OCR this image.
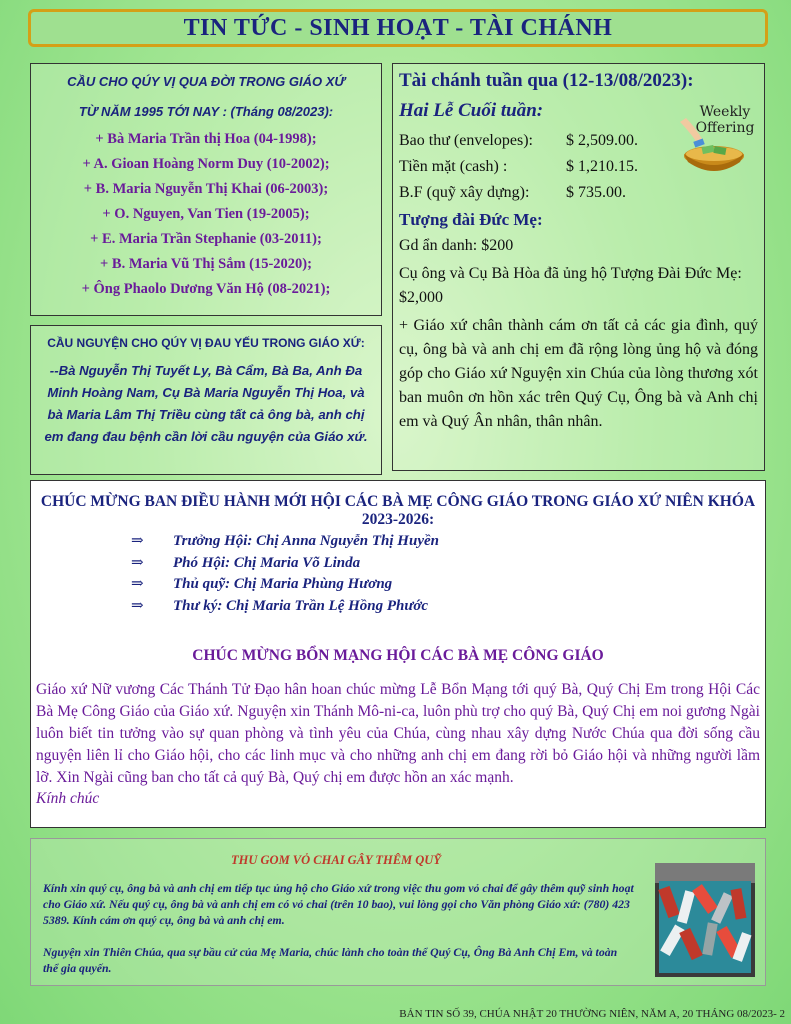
TIN TỨC - SINH HOẠT - TÀI CHÁNH
CẦU CHO QÚY VỊ QUA ĐỜI TRONG GIÁO XỨ
TỪ NĂM 1995 TỚI NAY : (Tháng 08/2023):
+ Bà Maria Trần thị Hoa (04-1998);
+ A. Gioan Hoàng Norm Duy (10-2002);
+ B. Maria Nguyễn Thị Khai (06-2003);
+ O. Nguyen, Van Tien (19-2005);
+ E. Maria Trần Stephanie (03-2011);
+ B. Maria Vũ Thị Sắm (15-2020);
+ Ông Phaolo Dương Văn Hộ (08-2021);
CẦU NGUYỆN CHO QÚY VỊ ĐAU YẾU TRONG GIÁO XỨ:

--Bà Nguyễn Thị Tuyết Ly, Bà Cẩm, Bà Ba, Anh Đa Minh Hoàng Nam, Cụ Bà Maria Nguyễn Thị Hoa, và bà Maria Lâm Thị Triều cùng tất cả ông bà, anh chị em đang đau bệnh cần lời cầu nguyện của Giáo xứ.

Tài chánh tuần qua (12-13/08/2023):
Hai Lễ Cuối tuần:	Weekly
Offering
Bao thư (envelopes): $ 2,509.00.
Tiền mặt (cash) :	$ 1,210.15.
B.F (quỹ xây dựng): $ 735.00.
Tượng đài Đức Mẹ:
Gd ẩn danh: $200
Cụ ông và Cụ Bà Hòa đã ủng hộ Tượng Đài Đức Mẹ: $2,000
+ Giáo xứ chân thành cám ơn tất cả các gia đình, quý cụ, ông bà và anh chị em đã rộng lòng ủng hộ và đóng góp cho Giáo xứ Nguyện xin Chúa của lòng thương xót ban muôn ơn hồn xác trên Quý Cụ, Ông bà và Anh chị em và Quý Ân nhân, thân nhân.
CHÚC MỪNG BAN ĐIỀU HÀNH MỚI HỘI CÁC BÀ MẸ CÔNG GIÁO TRONG GIÁO XỨ NIÊN KHÓA 2023-2026:
⇒ Trưởng Hội: Chị Anna Nguyễn Thị Huyền
⇒ Phó Hội: Chị Maria Võ Linda
⇒ Thủ quỹ: Chị Maria Phùng Hương
⇒ Thư ký: Chị Maria Trần Lệ Hồng Phước
CHÚC MỪNG BỔN MẠNG HỘI CÁC BÀ MẸ CÔNG GIÁO
Giáo xứ Nữ vương Các Thánh Tử Đạo hân hoan chúc mừng Lễ Bổn Mạng tới quý Bà, Quý Chị Em trong Hội Các Bà Mẹ Công Giáo của Giáo xứ. Nguyện xin Thánh Mô-ni-ca, luôn phù trợ cho quý Bà, Quý Chị em noi gương Ngài luôn biết tin tưởng vào sự quan phòng và tình yêu của Chúa, cùng nhau xây dựng Nước Chúa qua đời sống cầu nguyện liên lỉ cho Giáo hội, cho các linh mục và cho những anh chị em đang rời bỏ Giáo hội và những người lầm lỡ. Xin Ngài cũng ban cho tất cả quý Bà, Quý chị em được hồn an xác mạnh.
Kính chúc
THU GOM VỎ CHAI GÂY THÊM QUỸ

Kính xin quý cụ, ông bà và anh chị em tiếp tục ủng hộ cho Giáo xứ trong việc thu gom vỏ chai để gây thêm quỹ sinh hoạt cho Giáo xứ. Nếu quý cụ, ông bà và anh chị em có vỏ chai (trên 10 bao), vui lòng gọi cho Văn phòng Giáo xứ: (780) 423 5389. Kính cám ơn quý cụ, ông bà và anh chị em.

Nguyện xin Thiên Chúa, qua sự bầu cử của Mẹ Maria, chúc lành cho toàn thể Quý Cụ, Ông Bà Anh Chị Em, và toàn thể gia quyến.

BẢN TIN SỐ 39, CHÚA NHẬT 20 THƯỜNG NIÊN, NĂM A, 20 THÁNG 08/2023- 2
